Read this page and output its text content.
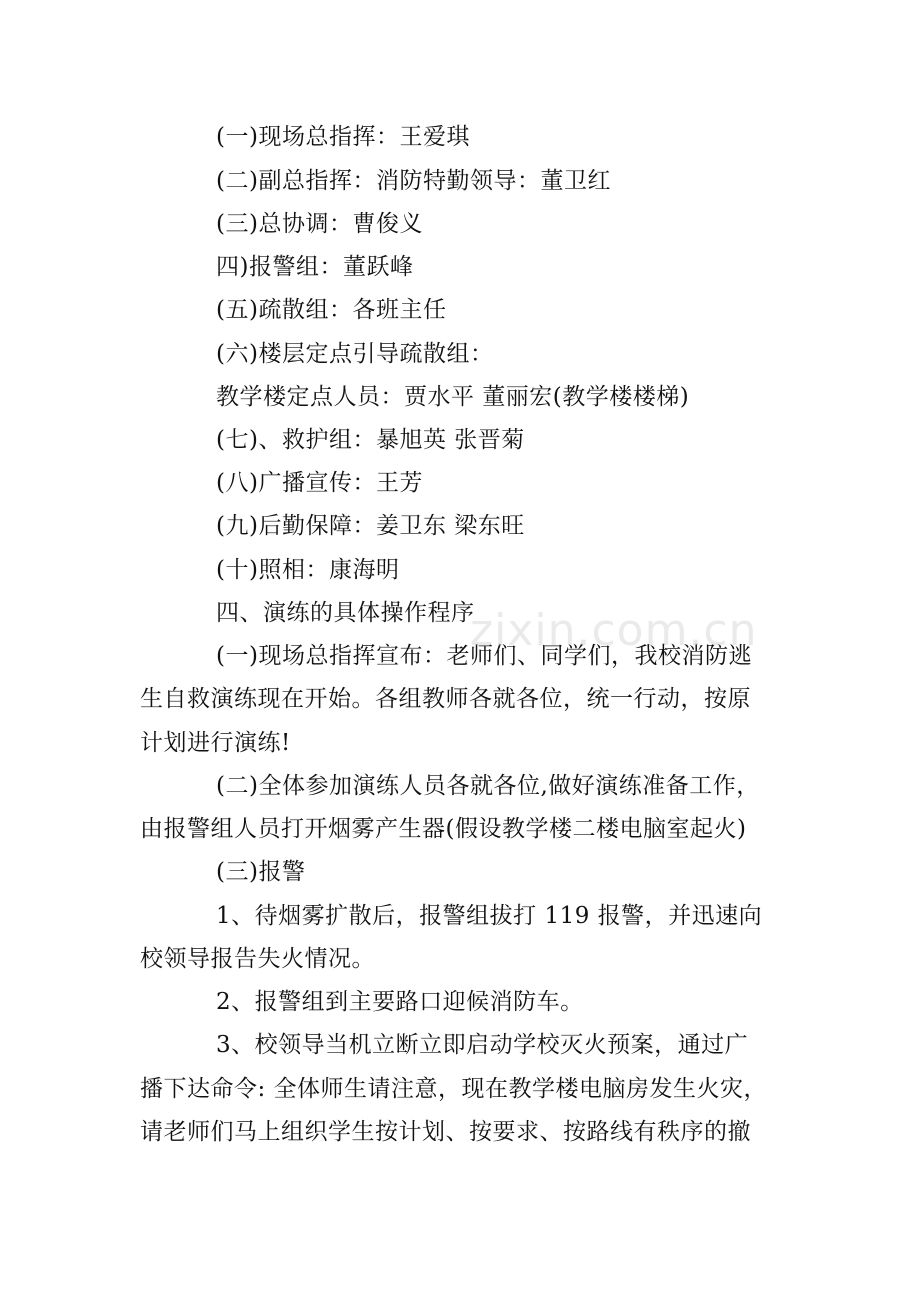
(一)现场总指挥：王爱琪
(二)副总指挥：消防特勤领导：董卫红
(三)总协调：曹俊义
四)报警组：董跃峰
(五)疏散组：各班主任
(六)楼层定点引导疏散组：
教学楼定点人员：贾水平 董丽宏(教学楼楼梯)
(七)、救护组：暴旭英 张晋菊
(八)广播宣传：王芳
(九)后勤保障：姜卫东 梁东旺
(十)照相：康海明
四、演练的具体操作程序
(一)现场总指挥宣布：老师们、同学们，我校消防逃
生自救演练现在开始。各组教师各就各位，统一行动，按原
计划进行演练!
(二)全体参加演练人员各就各位,做好演练准备工作，
由报警组人员打开烟雾产生器(假设教学楼二楼电脑室起火)
(三)报警
1、待烟雾扩散后，报警组拔打 119 报警，并迅速向
校领导报告失火情况。
2、报警组到主要路口迎候消防车。
3、校领导当机立断立即启动学校灭火预案，通过广
播下达命令: 全体师生请注意，现在教学楼电脑房发生火灾，
请老师们马上组织学生按计划、按要求、按路线有秩序的撤
zixin.com.cn
